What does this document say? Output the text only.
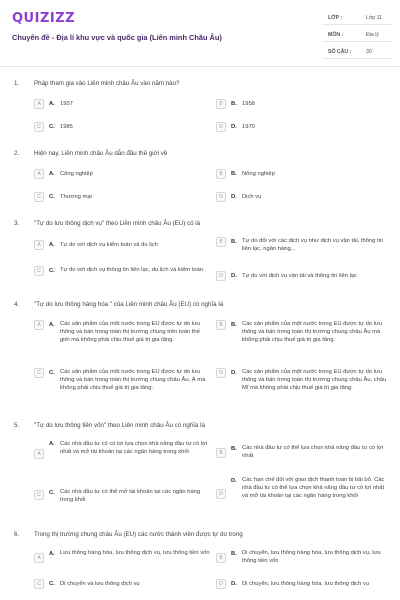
QUIZIZZ
Chuyên đề - Địa lí khu vực và quốc gia (Liên minh Châu Âu)
LỚP :	Lớp 11
MÔN :	Địa lý
SỐ CÂU :	30
1. Pháp tham gia vào Liên minh châu Âu vào năm nào?
A	A. 1957	B	B. 1958
C	C. 1985	D	D. 1970
2. Hiện nay, Liên minh châu Âu dẫn đầu thế giới về
A	A. Công nghiệp	B	B. Nông nghiệp
C	C. Thương mại	D	D. Dịch vụ
3. "Tự do lưu thông dịch vụ" theo Liên minh châu Âu (EU) có là
A	A. Tự do với dịch vụ kiểm toán và du lịch	B	B. Tự do đối với các dịch vụ như dịch vụ vận tải, thông tin liên lạc, ngân hàng...
C	C. Tự do với dịch vụ thông tin liên lạc, du lịch và kiểm toán.
D	D. Tự do với dịch vụ vận tải và thông tin liên lạc
4. "Tự do lưu thông hàng hóa " của Liên minh châu Âu (EU) có nghĩa là
A	A. Các sản phẩm của một nước trong EU được tự do lưu thông và bán trong toàn thị trường chung trên toàn thế giới mà không phải chịu thuế giá trị gia tăng.
B	B. Các sản phẩm của một nước trong EU được tự do lưu thông và bán trong toàn thị trường chung châu Âu mà không phải chịu thuế giá trị gia tăng.
C	C. Các sản phẩm của một nước trong EU được tự do lưu thông và bán trong toàn thị trường chung châu Âu, Á mà không phải chịu thuế giá trị gia tăng.
D	D. Các sản phẩm của một nước trong EU được tự do lưu thông và bán trong toàn thị trường chung châu Âu, châu Mĩ mà không phải chịu thuế giá trị gia tăng.
5. "Tự do lưu thông tiền vốn" theo Liên minh châu Âu có nghĩa là
A
A. Các nhà đầu tư có có lợi lựa chọn khả năng đầu tư có lợi nhất và mở tài khoản tại các ngân hàng trong khối	B
B. Các nhà đầu tư có thể lựa chọn khả năng đầu tư có lợi nhất
C	C. Các nhà đầu tư có thể mở tài khoản tại các ngân hàng trong khối
D
D. Các hạn chế đối với giao dịch thanh toán bị bãi bỏ. Các nhà đầu tư có thể lựa chọn khả năng đầu tư có lợi nhất và mở tài khoản tại các ngân hàng trong khối
6. Trong thị trường chung châu Âu (EU) các nước thành viên được tự do trong
A
A. Lưu thông hàng hóa, lưu thông dịch vụ, lưu thông tiền vốn
B
B. Di chuyển, lưu thông hàng hóa, lưu thông dịch vụ, lưu thông tiền vốn
C	C. Di chuyển và lưu thông dịch vụ	D	D. Di chuyển, lưu thông hàng hóa, lưu thông dịch vụ
